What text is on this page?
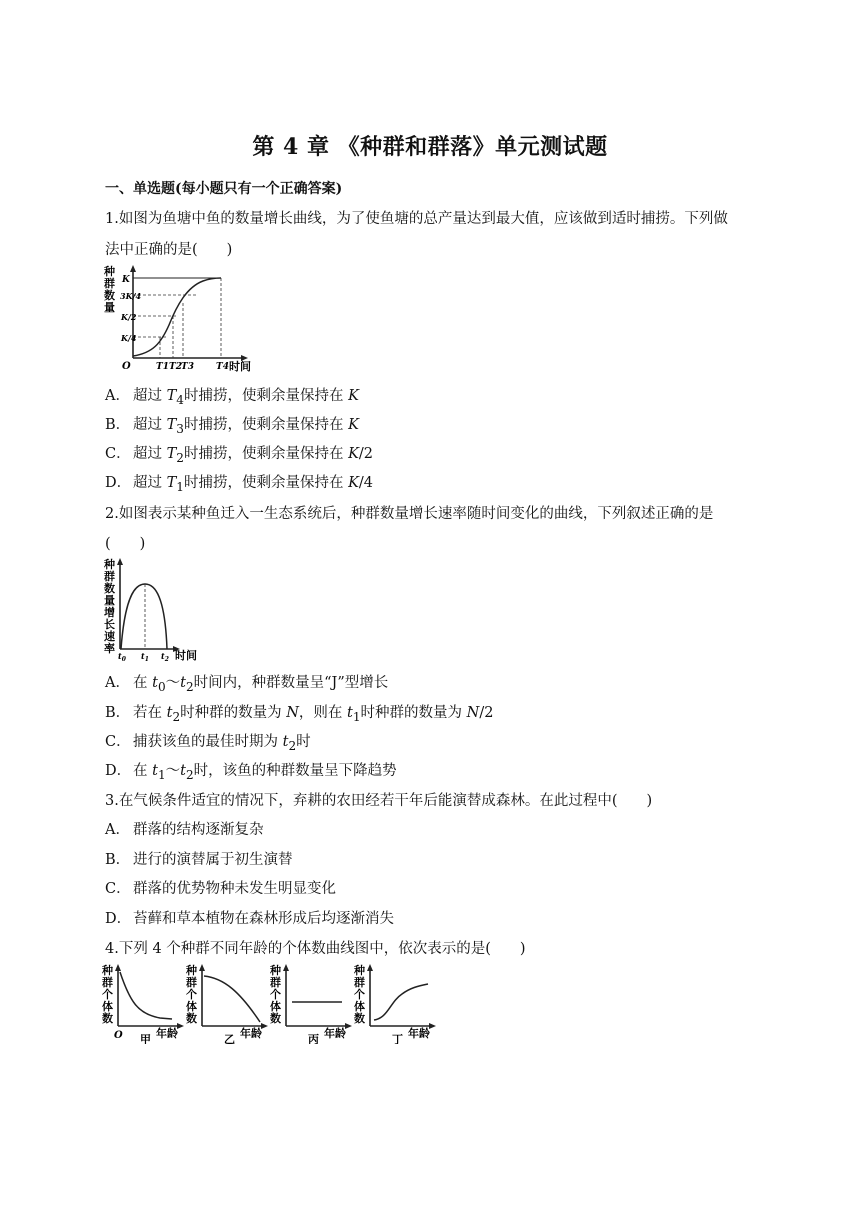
第 4 章 《种群和群落》单元测试题
一、单选题(每小题只有一个正确答案)
1.如图为鱼塘中鱼的数量增长曲线，为了使鱼塘的总产量达到最大值，应该做到适时捕捞。下列做
法中正确的是(　　)
种 群 数 量
K
3K/4
K/2
K/4
O	T1 T2 T3 T4 时间
A． 超过 $T_4$时捕捞，使剩余量保持在 K
B． 超过 $T_3$时捕捞，使剩余量保持在 K
C． 超过 $T_2$时捕捞，使剩余量保持在 K/2
D． 超过 $T_1$时捕捞，使剩余量保持在 K/4
2.如图表示某种鱼迁入一生态系统后，种群数量增长速率随时间变化的曲线，下列叙述正确的是
(　　)
种 群 数 量 增 长 速 率
$t_0$ $t_1$ $t_2$ 时间
A． 在 $t_0\sim t_2$时间内，种群数量呈“J”型增长
B． 若在 $t_2$时种群的数量为 N，则在 $t_1$时种群的数量为 N/2
C． 捕获该鱼的最佳时期为 $t_2$时
D． 在 $t_1\sim t_2$时，该鱼的种群数量呈下降趋势
3.在气候条件适宜的情况下，弃耕的农田经若干年后能演替成森林。在此过程中(　　)
A． 群落的结构逐渐复杂
B． 进行的演替属于初生演替
C． 群落的优势物种未发生明显变化
D． 苔藓和草本植物在森林形成后均逐渐消失
4.下列 4 个种群不同年龄的个体数曲线图中，依次表示的是(　　)
种
群
个
体
数
O	年龄
甲
种
群
个
体
数
年龄
乙
种
群
个
体
数
年龄
丙
种
群
个
体
数
年龄
丁
